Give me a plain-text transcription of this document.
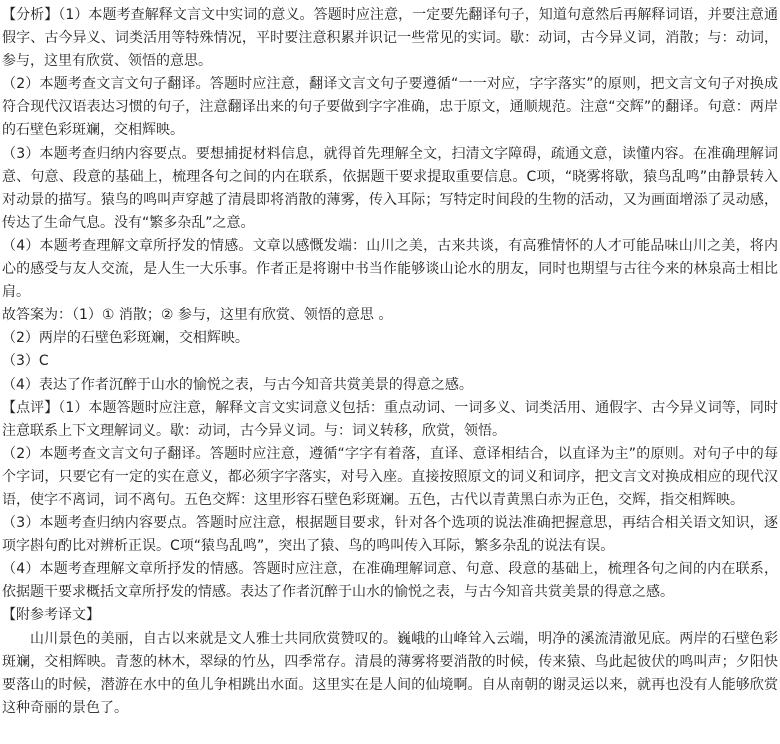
【分析】（1）本题考查解释文言文中实词的意义。答题时应注意，一定要先翻译句子，知道句意然后再解释词语，并要注意通假字、古今异义、词类活用等特殊情况，平时要注意积累并识记一些常见的实词。歇：动词，古今异义词，消散；与：动词，参与，这里有欣赏、领悟的意思。

（2）本题考查文言文句子翻译。答题时应注意，翻译文言文句子要遵循“一一对应，字字落实”的原则，把文言文句子对换成符合现代汉语表达习惯的句子，注意翻译出来的句子要做到字字准确，忠于原文，通顺规范。注意“交辉”的翻译。句意：两岸的石壁色彩斑斓，交相辉映。

（3）本题考查归纳内容要点。要想捕捉材料信息，就得首先理解全文，扫清文字障碍，疏通文意，读懂内容。在准确理解词意、句意、段意的基础上，梳理各句之间的内在联系，依据题干要求提取重要信息。C项，“晓雾将歇，猿鸟乱鸣”由静景转入对动景的描写。猿鸟的鸣叫声穿越了清晨即将消散的薄雾，传入耳际；写特定时间段的生物的活动，又为画面增添了灵动感，传达了生命气息。没有“繁多杂乱”之意。

（4）本题考查理解文章所抒发的情感。文章以感慨发端：山川之美，古来共谈，有高雅情怀的人才可能品味山川之美，将内心的感受与友人交流，是人生一大乐事。作者正是将谢中书当作能够谈山论水的朋友，同时也期望与古往今来的林泉高士相比肩。

故答案为：（1）① 消散；② 参与，这里有欣赏、领悟的意思 。

（2）两岸的石壁色彩斑斓，交相辉映。

（3）C

（4）表达了作者沉醉于山水的愉悦之表，与古今知音共赏美景的得意之感。

【点评】（1）本题答题时应注意，解释文言文实词意义包括：重点动词、一词多义、词类活用、通假字、古今异义词等，同时注意联系上下文理解词义。歇：动词，古今异义词。与：词义转移，欣赏，领悟。

（2）本题考查文言文句子翻译。答题时应注意，遵循“字字有着落，直译、意译相结合，以直译为主”的原则。对句子中的每个字词，只要它有一定的实在意义，都必须字字落实，对号入座。直接按照原文的词义和词序，把文言文对换成相应的现代汉语，使字不离词，词不离句。五色交辉：这里形容石壁色彩斑斓。五色，古代以青黄黑白赤为正色，交辉，指交相辉映。

（3）本题考查归纳内容要点。答题时应注意，根据题目要求，针对各个选项的说法准确把握意思，再结合相关语文知识，逐项字斟句酌比对辨析正误。C项“猿鸟乱鸣”，突出了猿、鸟的鸣叫传入耳际，繁多杂乱的说法有误。

（4）本题考查理解文章所抒发的情感。答题时应注意，在准确理解词意、句意、段意的基础上，梳理各句之间的内在联系，依据题干要求概括文章所抒发的情感。表达了作者沉醉于山水的愉悦之表，与古今知音共赏美景的得意之感。

【附参考译文】

山川景色的美丽，自古以来就是文人雅士共同欣赏赞叹的。巍峨的山峰耸入云端，明净的溪流清澈见底。两岸的石壁色彩斑斓，交相辉映。青葱的林木，翠绿的竹丛，四季常存。清晨的薄雾将要消散的时候，传来猿、鸟此起彼伏的鸣叫声；夕阳快要落山的时候，潜游在水中的鱼儿争相跳出水面。这里实在是人间的仙境啊。自从南朝的谢灵运以来，就再也没有人能够欣赏这种奇丽的景色了。
